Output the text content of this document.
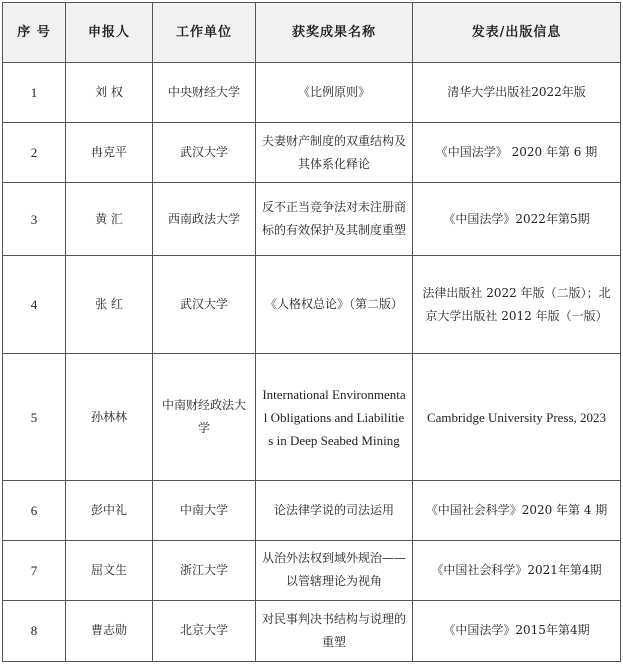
序 号	申报人	工作单位	获奖成果名称	发表/出版信息
1	刘 权	中央财经大学	《比例原则》	清华大学出版社2022年版
2	冉克平	武汉大学	夫妻财产制度的双重结构及其体系化释论	《中国法学》 2020 年第 6 期
3	黄 汇	西南政法大学	反不正当竞争法对未注册商标的有效保护及其制度重塑	《中国法学》2022年第5期
4	张 红	武汉大学	《人格权总论》（第二版）	法律出版社 2022 年版（二版）；北京大学出版社 2012 年版（一版）
5	孙林林	中南财经政法大学	International Environmental Obligations and Liabilities in Deep Seabed Mining	Cambridge University Press, 2023
6	彭中礼	中南大学	论法律学说的司法运用	《中国社会科学》2020 年第 4 期
7	屈文生	浙江大学	从治外法权到域外规治——以管辖理论为视角	《中国社会科学》2021年第4期
8	曹志勋	北京大学	对民事判决书结构与说理的重塑	《中国法学》2015年第4期
